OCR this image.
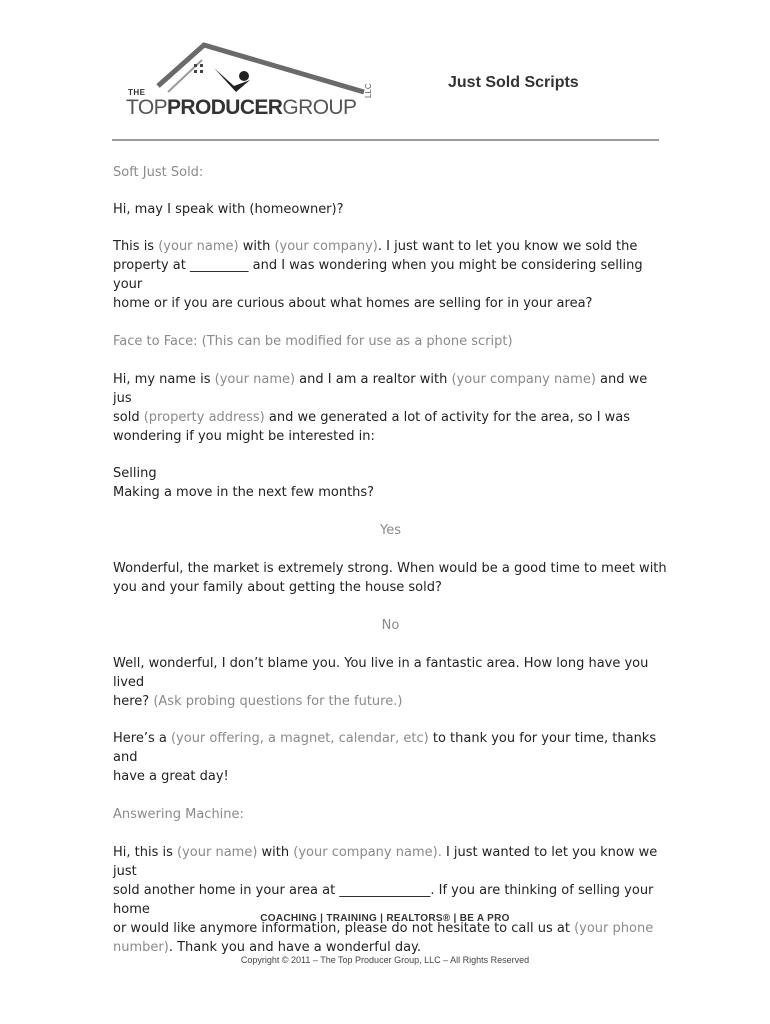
THE
TOPPRODUCERGROUP
LLC	Just Sold Scripts

Soft Just Sold:

Hi, may I speak with (homeowner)?

This is (your name) with (your company). I just want to let you know we sold the
property at _________ and I was wondering when you might be considering selling your
home or if you are curious about what homes are selling for in your area?

Face to Face: (This can be modified for use as a phone script)

Hi, my name is (your name) and I am a realtor with (your company name) and we jus
sold (property address) and we generated a lot of activity for the area, so I was
wondering if you might be interested in:

Selling

Making a move in the next few months?

Yes

Wonderful, the market is extremely strong. When would be a good time to meet with
you and your family about getting the house sold?

No

Well, wonderful, I don’t blame you. You live in a fantastic area. How long have you lived
here? (Ask probing questions for the future.)

Here’s a (your offering, a magnet, calendar, etc) to thank you for your time, thanks and
have a great day!

Answering Machine:

Hi, this is (your name) with (your company name). I just wanted to let you know we just
sold another home in your area at ______________. If you are thinking of selling your home
or would like anymore information, please do not hesitate to call us at (your phone
number). Thank you and have a wonderful day.

COACHING | TRAINING | REALTORS® | BE A PRO
Copyright © 2011 – The Top Producer Group, LLC – All Rights Reserved
